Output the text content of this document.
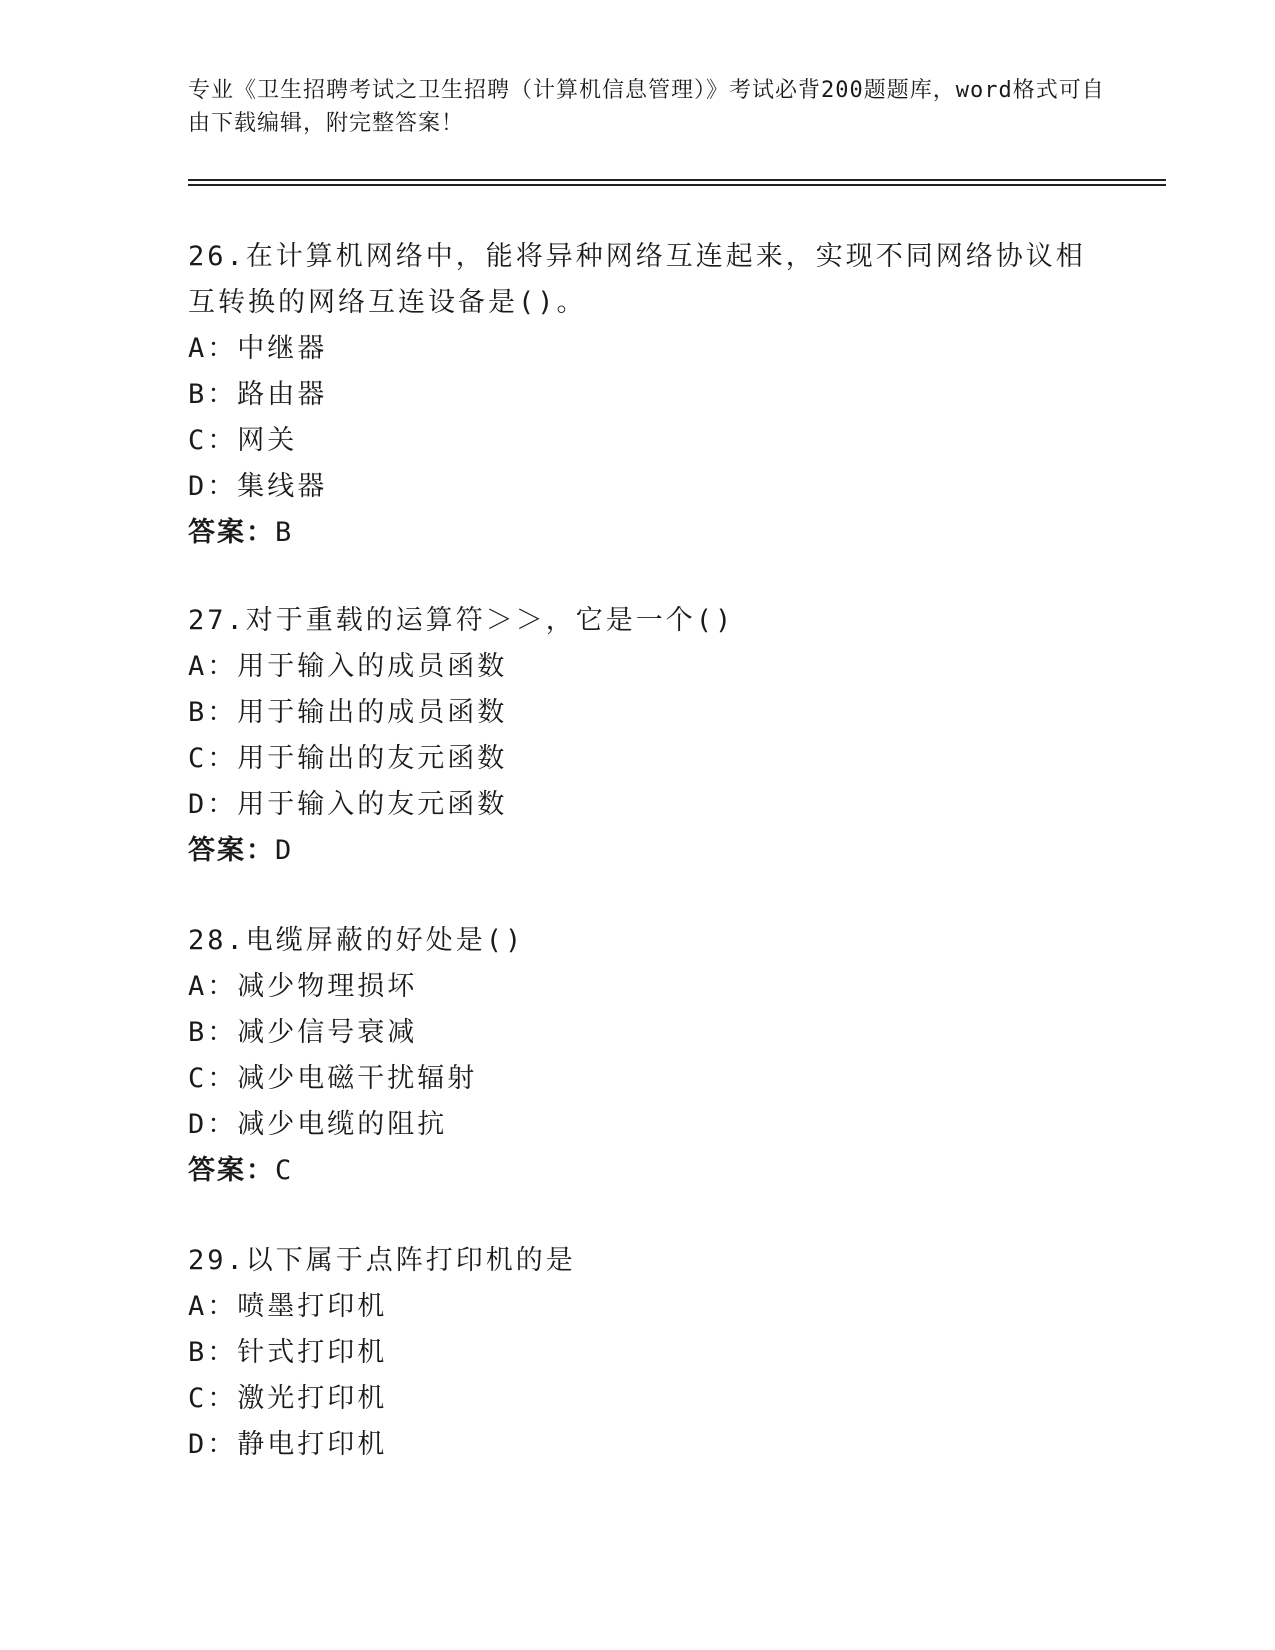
专业《卫生招聘考试之卫生招聘（计算机信息管理）》考试必背200题题库，word格式可自由下载编辑，附完整答案！
26.在计算机网络中，能将异种网络互连起来，实现不同网络协议相互转换的网络互连设备是()。
A：中继器
B：路由器
C：网关
D：集线器
答案：B
27.对于重载的运算符＞＞，它是一个()
A：用于输入的成员函数
B：用于输出的成员函数
C：用于输出的友元函数
D：用于输入的友元函数
答案：D
28.电缆屏蔽的好处是()
A：减少物理损坏
B：减少信号衰减
C：减少电磁干扰辐射
D：减少电缆的阻抗
答案：C
29.以下属于点阵打印机的是
A：喷墨打印机
B：针式打印机
C：激光打印机
D：静电打印机
